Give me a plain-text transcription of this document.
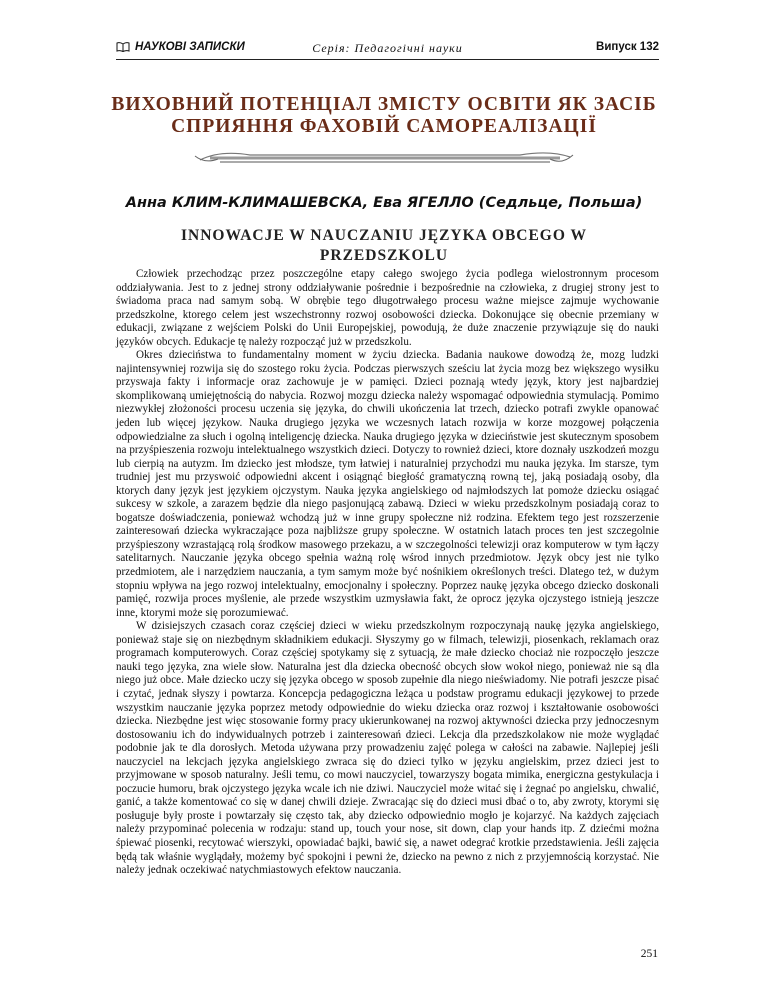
НАУКОВІ ЗАПИСКИ	Серія: Педагогічні науки	Випуск 132
ВИХОВНИЙ ПОТЕНЦІАЛ ЗМІСТУ ОСВІТИ ЯК ЗАСІБ СПРИЯННЯ ФАХОВІЙ САМОРЕАЛІЗАЦІЇ
Анна КЛИМ-КЛИМАШЕВСКА, Ева ЯГЕЛЛО (Седльце, Польша)
INNOWACJE W NAUCZANIU JĘZYKA OBCEGO W PRZEDSZKOLU

Człowiek przechodząc przez poszczególne etapy całego swojego życia podlega wielostronnym procesom oddziaływania. Jest to z jednej strony oddziaływanie pośrednie i bezpośrednie na człowieka, z drugiej strony jest to świadoma praca nad samym sobą. W obrębie tego długotrwałego procesu ważne miejsce zajmuje wychowanie przedszkolne, ktorego celem jest wszechstronny rozwoj osobowości dziecka. Dokonujące się obecnie przemiany w edukacji, związane z wejściem Polski do Unii Europejskiej, powodują, że duże znaczenie przywiązuje się do nauki języków obcych. Edukacje tę należy rozpocząć już w przedszkolu.

Okres dzieciństwa to fundamentalny moment w życiu dziecka. Badania naukowe dowodzą że, mozg ludzki najintensywniej rozwija się do szostego roku życia. Podczas pierwszych sześciu lat życia mozg bez większego wysiłku przyswaja fakty i informacje oraz zachowuje je w pamięci. Dzieci poznają wtedy język, ktory jest najbardziej skomplikowaną umiejętnością do nabycia. Rozwoj mozgu dziecka należy wspomagać odpowiednia stymulacją. Pomimo niezwykłej złożoności procesu uczenia się języka, do chwili ukończenia lat trzech, dziecko potrafi zwykle opanować jeden lub więcej językow. Nauka drugiego języka we wczesnych latach rozwija w korze mozgowej połączenia odpowiedzialne za słuch i ogolną inteligencję dziecka. Nauka drugiego języka w dzieciństwie jest skutecznym sposobem na przyśpieszenia rozwoju intelektualnego wszystkich dzieci. Dotyczy to rownież dzieci, ktore doznały uszkodzeń mozgu lub cierpią na autyzm. Im dziecko jest młodsze, tym łatwiej i naturalniej przychodzi mu nauka języka. Im starsze, tym trudniej jest mu przyswoić odpowiedni akcent i osiągnąć biegłość gramatyczną rowną tej, jaką posiadają osoby, dla ktorych dany język jest językiem ojczystym. Nauka języka angielskiego od najmłodszych lat pomoże dziecku osiągać sukcesy w szkole, a zarazem będzie dla niego pasjonującą zabawą. Dzieci w wieku przedszkolnym posiadają coraz to bogatsze doświadczenia, ponieważ wchodzą już w inne grupy społeczne niż rodzina. Efektem tego jest rozszerzenie zainteresowań dziecka wykraczające poza najbliższe grupy społeczne. W ostatnich latach proces ten jest szczegolnie przyśpieszony wzrastającą rolą środkow masowego przekazu, a w szczegolności telewizji oraz komputerow w tym łączy satelitarnych. Nauczanie języka obcego spełnia ważną rolę wśrod innych przedmiotow. Język obcy jest nie tylko przedmiotem, ale i narzędziem nauczania, a tym samym może być nośnikiem określonych treści. Dlatego też, w dużym stopniu wpływa na jego rozwoj intelektualny, emocjonalny i społeczny. Poprzez naukę języka obcego dziecko doskonali pamięć, rozwija proces myślenie, ale przede wszystkim uzmysławia fakt, że oprocz języka ojczystego istnieją jeszcze inne, ktorymi może się porozumiewać.

W dzisiejszych czasach coraz częściej dzieci w wieku przedszkolnym rozpoczynają naukę języka angielskiego, ponieważ staje się on niezbędnym składnikiem edukacji. Słyszymy go w filmach, telewizji, piosenkach, reklamach oraz programach komputerowych. Coraz częściej spotykamy się z sytuacją, że małe dziecko chociaż nie rozpoczęło jeszcze nauki tego języka, zna wiele słow. Naturalna jest dla dziecka obecność obcych słow wokoł niego, ponieważ nie są dla niego już obce. Małe dziecko uczy się języka obcego w sposob zupełnie dla niego nieświadomy. Nie potrafi jeszcze pisać i czytać, jednak słyszy i powtarza. Koncepcja pedagogiczna leżąca u podstaw programu edukacji językowej to przede wszystkim nauczanie języka poprzez metody odpowiednie do wieku dziecka oraz rozwoj i kształtowanie osobowości dziecka. Niezbędne jest więc stosowanie formy pracy ukierunkowanej na rozwoj aktywności dziecka przy jednoczesnym dostosowaniu ich do indywidualnych potrzeb i zainteresowań dzieci. Lekcja dla przedszkolakow nie może wyglądać podobnie jak te dla dorosłych. Metoda używana przy prowadzeniu zajęć polega w całości na zabawie. Najlepiej jeśli nauczyciel na lekcjach języka angielskiego zwraca się do dzieci tylko w języku angielskim, przez dzieci jest to przyjmowane w sposob naturalny. Jeśli temu, co mowi nauczyciel, towarzyszy bogata mimika, energiczna gestykulacja i poczucie humoru, brak ojczystego języka wcale ich nie dziwi. Nauczyciel może witać się i żegnać po angielsku, chwalić, ganić, a także komentować co się w danej chwili dzieje. Zwracając się do dzieci musi dbać o to, aby zwroty, ktorymi się posługuje były proste i powtarzały się często tak, aby dziecko odpowiednio mogło je kojarzyć. Na każdych zajęciach należy przypominać polecenia w rodzaju: stand up, touch your nose, sit down, clap your hands itp. Z dziećmi można śpiewać piosenki, recytować wierszyki, opowiadać bajki, bawić się, a nawet odegrać krotkie przedstawienia. Jeśli zajęcia będą tak właśnie wyglądały, możemy być spokojni i pewni że, dziecko na pewno z nich z przyjemnością korzystać. Nie należy jednak oczekiwać natychmiastowych efektow nauczania.

251
